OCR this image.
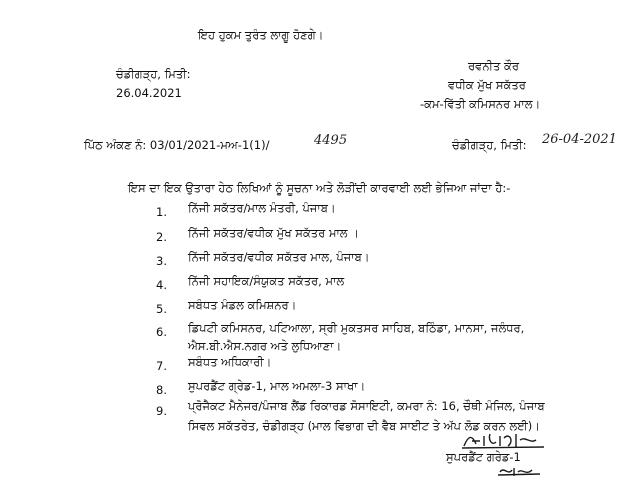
ਇਹ ਹੁਕਮ ਤੁਰੰਤ ਲਾਗੂ ਹੋਣਗੇ।
ਚੰਡੀਗੜ੍ਹ, ਮਿਤੀ:
26.04.2021
ਰਵਨੀਤ ਕੌਰ
ਵਧੀਕ ਮੁੱਖ ਸਕੱਤਰ
-ਕਮ-ਵਿੱਤੀ ਕਮਿਸਨਰ ਮਾਲ।
ਪਿੱਠ ਅੰਕਣ ਨੰ: 03/01/2021-ਮਅ-1(1)/	4495	ਚੰਡੀਗੜ੍ਹ, ਮਿਤੀ: 26-04-2021
ਇਸ ਦਾ ਇਕ ਉਤਾਰਾ ਹੇਠ ਲਿਖਿਆਂ ਨੂੰ ਸੂਚਨਾ ਅਤੇ ਲੋੜੀਂਦੀ ਕਾਰਵਾਈ ਲਈ ਭੇਜਿਆ ਜਾਂਦਾ ਹੈ:-
1. ਨਿੱਜੀ ਸਕੱਤਰ/ਮਾਲ ਮੰਤਰੀ, ਪੰਜਾਬ।
2. ਨਿੱਜੀ ਸਕੱਤਰ/ਵਧੀਕ ਮੁੱਖ ਸਕੱਤਰ ਮਾਲ ।
3. ਨਿੱਜੀ ਸਕੱਤਰ/ਵਧੀਕ ਸਕੱਤਰ ਮਾਲ, ਪੰਜਾਬ।
4. ਨਿੱਜੀ ਸਹਾਇਕ/ਸੰਯੁਕਤ ਸਕੱਤਰ, ਮਾਲ
5. ਸਬੰਧਤ ਮੰਡਲ ਕਮਿਸ਼ਨਰ।
6. ਡਿਪਟੀ ਕਮਿਸਨਰ, ਪਟਿਆਲਾ, ਸ੍ਰੀ ਮੁਕਤਸਰ ਸਾਹਿਬ, ਬਠਿੰਡਾ, ਮਾਨਸਾ, ਜਲੰਧਰ,
ਐਸ.ਬੀ.ਐਸ.ਨਗਰ ਅਤੇ ਲੁਧਿਆਣਾ।
7. ਸਬੰਧਤ ਅਧਿਕਾਰੀ।
8. ਸੁਪਰਡੈਂਟ ਗ੍ਰੇਡ-1, ਮਾਲ ਅਮਲਾ-3 ਸਾਖਾ।
9. ਪ੍ਰੋਜੈਕਟ ਮੈਨੇਜਰ/ਪੰਜਾਬ ਲੈਂਡ ਰਿਕਾਰਡ ਸੋਸਾਇਟੀ, ਕਮਰਾ ਨੰ: 16, ਚੌਥੀ ਮੰਜਿਲ, ਪੰਜਾਬ
ਸਿਵਲ ਸਕੱਤਰੇਤ, ਚੰਡੀਗੜ੍ਹ (ਮਾਲ ਵਿਭਾਗ ਦੀ ਵੈਬ ਸਾਈਟ ਤੇ ਅੱਪ ਲੋਡ ਕਰਨ ਲਈ)।
ਸੁਪਰਡੈਂਟ ਗਰੇਡ-1
